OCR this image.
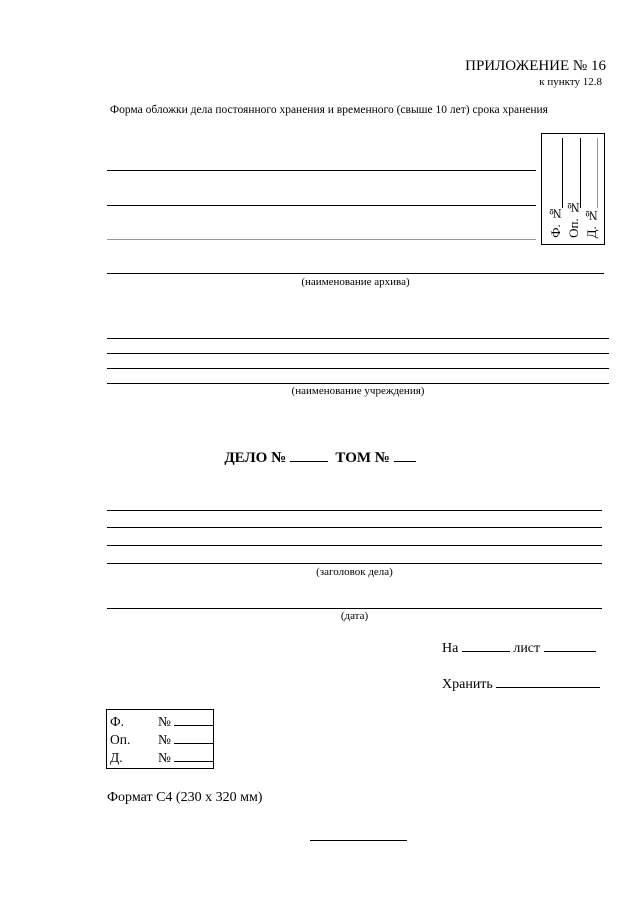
ПРИЛОЖЕНИЕ № 16
к пункту 12.8
Форма обложки дела постоянного хранения и временного (свыше 10 лет) срока хранения
Ф. № Оп. № Д. №
(наименование архива)
(наименование учреждения)
ДЕЛО №	ТОМ №
(заголовок дела)
(дата)
На	лист
Хранить
Ф.	№
Оп. №
Д.	№
Формат С4 (230 х 320 мм)
